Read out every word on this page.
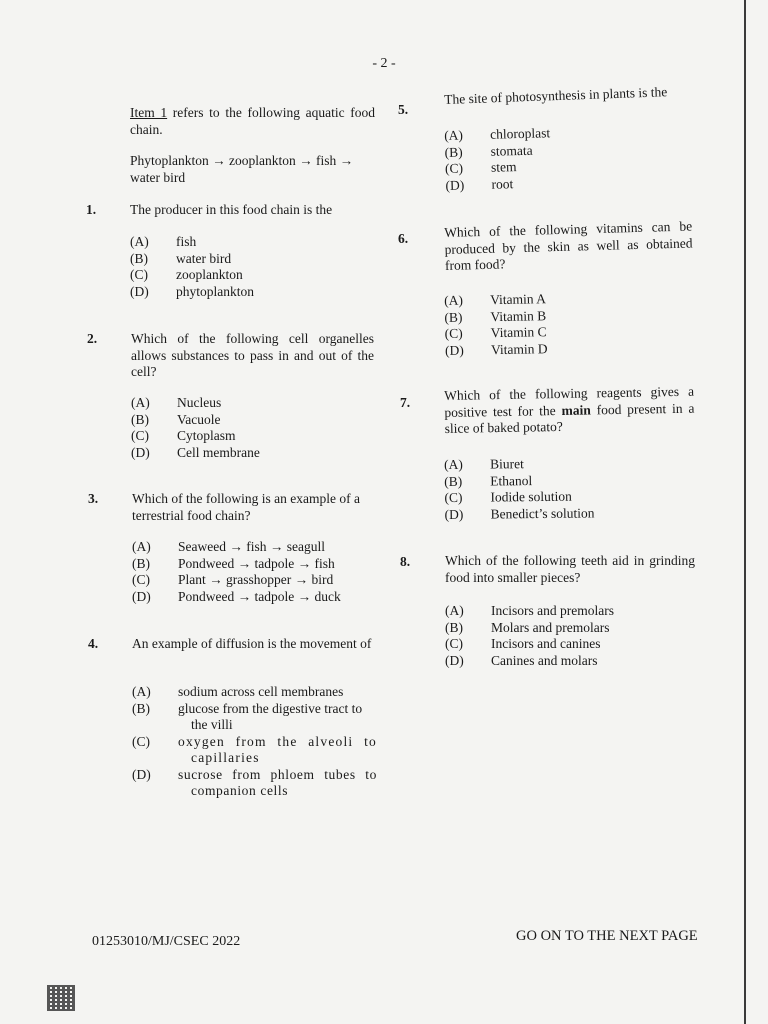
- 2 -
Item 1 refers to the following aquatic food chain.
Phytoplankton → zooplankton → fish → water bird
1.	The producer in this food chain is the
(A)	fish
(B)	water bird
(C)	zooplankton
(D)	phytoplankton
2.	Which of the following cell organelles allows substances to pass in and out of the cell?
(A)	Nucleus
(B)	Vacuole
(C)	Cytoplasm
(D)	Cell membrane
3.	Which of the following is an example of a terrestrial food chain?
(A)	Seaweed → fish → seagull
(B)	Pondweed → tadpole → fish
(C)	Plant → grasshopper → bird
(D)	Pondweed → tadpole → duck
4.	An example of diffusion is the movement of
(A)	sodium across cell membranes
(B)	glucose from the digestive tract to the villi
(C)	oxygen from the alveoli to capillaries
(D)	sucrose from phloem tubes to companion cells
5.
The site of photosynthesis in plants is the
(A)	chloroplast
(B)	stomata
(C)	stem
(D)	root
6.	Which of the following vitamins can be produced by the skin as well as obtained from food?
(A)	Vitamin A
(B)	Vitamin B
(C)	Vitamin C
(D)	Vitamin D
7.	Which of the following reagents gives a positive test for the main food present in a slice of baked potato?
(A)	Biuret
(B)	Ethanol
(C)	Iodide solution
(D)	Benedict’s solution
8.	Which of the following teeth aid in grinding food into smaller pieces?
(A)	Incisors and premolars
(B)	Molars and premolars
(C)	Incisors and canines
(D)	Canines and molars
01253010/MJ/CSEC 2022	GO ON TO THE NEXT PAGE
